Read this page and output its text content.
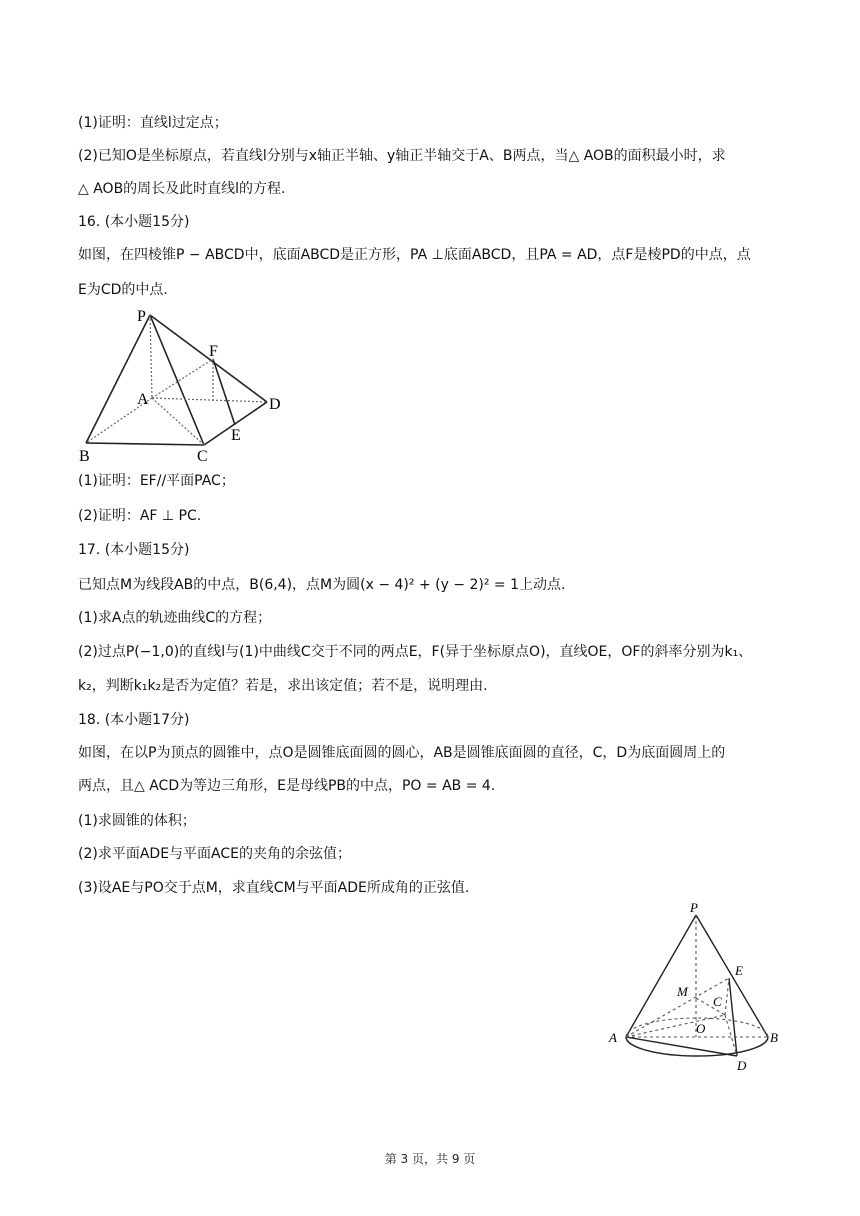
(1)证明：直线l过定点；
(2)已知O是坐标原点，若直线l分别与x轴正半轴、y轴正半轴交于A、B两点，当△ AOB的面积最小时，求
△ AOB的周长及此时直线l的方程.
16. (本小题15分)
如图，在四棱锥P − ABCD中，底面ABCD是正方形，PA ⊥底面ABCD，且PA = AD，点F是棱PD的中点，点
E为CD的中点.
P
F
A	D
E
B	C
(1)证明：EF//平面PAC；
(2)证明：AF ⊥ PC.
17. (本小题15分)
已知点M为线段AB的中点，B(6,4)，点M为圆(x − 4)² + (y − 2)² = 1上动点.
(1)求A点的轨迹曲线C的方程；
(2)过点P(−1,0)的直线l与(1)中曲线C交于不同的两点E，F(异于坐标原点O)，直线OE，OF的斜率分别为k₁、
k₂，判断k₁k₂是否为定值？若是，求出该定值；若不是，说明理由.
18. (本小题17分)
如图，在以P为顶点的圆锥中，点O是圆锥底面圆的圆心，AB是圆锥底面圆的直径，C，D为底面圆周上的
两点，且△ ACD为等边三角形，E是母线PB的中点，PO = AB = 4.
(1)求圆锥的体积；
(2)求平面ADE与平面ACE的夹角的余弦值；
(3)设AE与PO交于点M，求直线CM与平面ADE所成角的正弦值.
P
E
M
C
O
A	B
D
第 3 页，共 9 页
